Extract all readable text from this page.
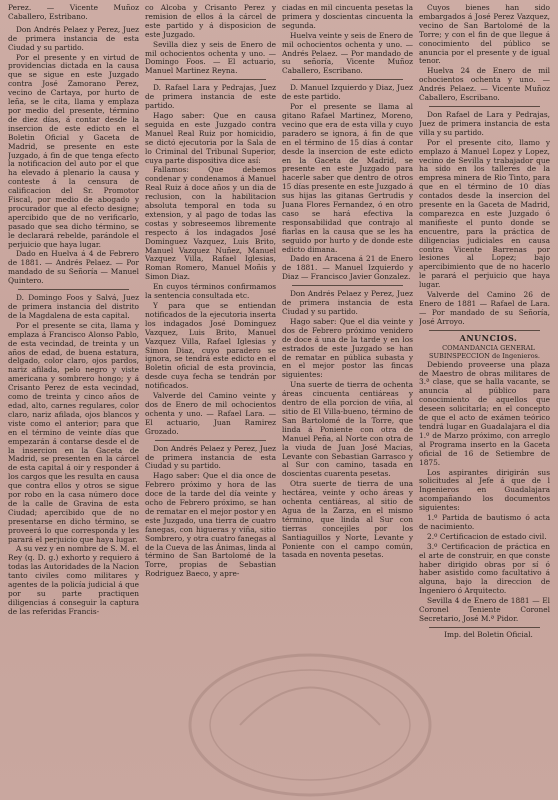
Perez. — Vicente Muñoz Caballero, Estribano.

Don Andrés Pelaez y Perez, Juez de primera instancia de esta Ciudad y su partido.

Por el presente y en virtud de providencias dictada en la causa que se sigue en este Juzgado contra José Zamorano Perez, vecino de Cartaya, por hurto de leña, se le cita, llama y emplaza por medio del presente, término de diez días, á contar desde la insercion de este edicto en el Boletin Oficial y Gaceta de Madrid, se presente en este Juzgado, á fin de que tenga efecto la notificacion del auto por el que ha elevado á plenario la causa y conteste á la censura de calificacion del Sr. Promotor Fiscal, por medio de abogado y procurador que al efecto designe; apercibido que de no verificarlo, pasado que sea dicho término, se le declarará rebelde, parándole el perjuicio que haya lugar.

Dado en Huelva á 4 de Febrero de 1881. — Andrés Pelaez. — Por mandado de su Señoría — Manuel Quintero.

D. Domingo Foos y Salvá, Juez de primera instancia del distrito de la Magdalena de esta capital.

Por el presente se cita, llama y emplaza á Francisco Alonso Pablo, de esta vecindad, de treinta y un años de edad, de buena estatura, delgado, color claro, ojos pardos, nariz afilada, pelo negro y viste americana y sombrero hongo; y á Crisanto Perez de esta vecindad, como de treinta y cinco años de edad, alto, carnes regulares, color claro, nariz afilada, ojos blancos y viste como el anterior; para que en el término de veinte días que empezarán á contarse desde el de la insercion en la Gaceta de Madrid, se presenten en la cárcel de esta capital á oir y responder á los cargos que les resulta en causa que contra ellos y otros se sigue por robo en la casa número doce de la calle de Gravina de esta Ciudad; apercibido que de no presentarse en dicho término, se proveerá lo que corresponda y les parará el perjuicio que haya lugar.

A su vez y en nombre de S. M. el Rey (q. D. g.) exhorto y requiero á todas las Autoridades de la Nacion tanto civiles como militares y agentes de la policía judicial á que por su parte practiquen diligencias á conseguir la captura de las referidas Francis-

co Alcoba y Crisanto Perez y remision de ellos á la cárcel de este partido y á disposicion de este Juzgado.

Sevilla diez y seis de Enero de mil ochocientos ochenta y uno. — Domingo Foos. — El actuario, Manuel Martinez Reyna.

D. Rafael Lara y Pedrajas, Juez de primera instancia de este partido.

Hago saber: Que en causa seguida en este Juzgado contra Manuel Real Ruiz por homicidio, se dictó ejecutoria por la Sala de lo Criminal del Tribunal Superior, cuya parte dispositiva dice así:

Fallamos: Que debemos condenar y condenamos á Manuel Real Ruiz á doce años y un dia de reclusion, con la habilitacion absoluta temporal en toda su extension, y al pago de todas las costas y sobreseemos libremente respecto á los indagados José Dominguez Vazquez, Luis Brito, Manuel Vazquez Nuñez, Manuel Vazquez Villa, Rafael Iglesias, Roman Romero, Manuel Moñis y Simon Diaz.

En cuyos términos confirmamos la sentencia consultada etc.

Y para que se entiendan notificados de la ejecutoria inserta los indagados José Dominguez Vazquez, Luis Brito, Manuel Vazquez Villa, Rafael Iglesias y Simon Diaz, cuyo paradero se ignora, se tendrá este edicto en el Boletin oficial de esta provincia, desde cuya fecha se tendrán por notificados.

Valverde del Camino veinte y dos de Enero de mil ochocientos ochenta y uno. — Rafael Lara. — El actuario, Juan Ramirez Grozado.

Don Andrés Pelaez y Perez, Juez de primera instancia de esta Ciudad y su partido.

Hago saber: Que el dia once de Febrero próximo y hora de las doce de la tarde del día veinte y ocho de Febrero próximo, se han de rematar en el mejor postor y en este Juzgado, una tierra de cuatro fanegas, con higueras y viña, sitio Sombrero, y otra cuatro fanegas al de la Cueva de las Ánimas, linda al término de San Bartolomé de la Torre, propias de Sebastian Rodriguez Baeco, y apre-

ciadas en mil cincuenta pesetas la primera y doscientas cincuenta la segunda.

Huelva veinte y seis de Enero de mil ochocientos ochenta y uno. — Andrés Pelaez. — Por mandado de su señoría, Vicente Muñoz Caballero, Escribano.

D. Manuel Izquierdo y Diaz, Juez de este partido.

Por el presente se llama al gitano Rafael Martinez, Moreno, vecino que era de esta villa y cuyo paradero se ignora, á fin de que en el término de 15 días á contar desde la insercion de este edicto en la Gaceta de Madrid, se presente en este Juzgado para hacerle saber que dentro de otros 15 días presente en este Juzgado á sus hijas las gitanas Gertrudis y Juana Flores Fernandez, ó en otro caso se hará efectiva la responsabilidad que contrajo al fiarlas en la causa que se les ha seguido por hurto y de donde este edicto dimana.

Dado en Aracena á 21 de Enero de 1881. — Manuel Izquierdo y Diaz — Francisco Javier Gonzalez.

Don Andrés Pelaez y Perez, Juez de primera instancia de esta Ciudad y su partido.

Hago saber: Que el dia veinte y dos de Febrero próximo venidero de doce á una de la tarde y en los estrados de este Juzgado se han de rematar en pública subasta y en el mejor postor las fincas siguientes:

Una suerte de tierra de ochenta áreas cincuenta centiáreas y dentro de ella porcion de viña, al sitio de El Villa-bueno, término de San Bartolomé de la Torre, que linda á Poniente con otra de Manuel Peña, al Norte con otra de la viuda de Juan José Macias, Levante con Sebastian Garrasco y al Sur con camino, tasada en doscientas cuarenta pesetas.

Otra suerte de tierra de una hectárea, veinte y ocho áreas y ochenta centiáreas, al sitio de Agua de la Zarza, en el mismo término, que linda al Sur con tierras concejiles por los Santiaguillos y Norte, Levante y Poniente con el campo común, tasada en noventa pesetas.

Cuyos bienes han sido embargados á José Perez Vazquez, vecino de San Bartolomé de la Torre; y con el fin de que llegue á conocimiento del público se anuncia por el presente y de igual tenor.

Huelva 24 de Enero de mil ochocientos ochenta y uno. — Andrés Pelaez. — Vicente Muñoz Caballero, Escribano.

Don Rafael de Lara y Pedrajas, Juez de primera instancia de esta villa y su partido.

Por el presente cito, llamo y emplazo á Manuel Lopez y Lopez, vecino de Sevilla y trabajador que ha sido en los talleres de la empresa minera de Rio Tinto, para que en el término de 10 días contados desde la insercion del presente en la Gaceta de Madrid, comparezca en este Juzgado ó manifieste el punto donde se encuentre, para la práctica de diligencias judiciales en causa contra Vicente Barrenas por lesiones al Lopez; bajo apercibimiento que de no hacerlo le parará el perjuicio que haya lugar.

Valverde del Camino 26 de Enero de 1881 — Rafael de Lara. — Por mandado de su Señoría, José Arroyo.

ANUNCIOS.

COMANDANCIA GENERAL SUBINSPECCION de Ingenieros.

Debiendo proveerse una plaza de Maestro de obras militares de 3.ª clase, que se halla vacante, se anuncia al público para conocimiento de aquellos que deseen solicitarla; en el concepto de que el acto de exámen teórico tendrá lugar en Guadalajara el dia 1.º de Marzo próximo, con arreglo al Programa inserto en la Gaceta oficial de 16 de Setiembre de 1875.

Los aspirantes dirigirán sus solicitudes al Jefe á que de l Ingenieros en Guadalajara acompañando los documentos siguientes:

1.º Partida de bautismo ó acta de nacimiento.

2.º Certificacion de estado civil.

3.º Certificacion de práctica en el arte de construir, en que conste haber dirigido obras por sí ó haber asistido como facultativo á alguna, bajo la direccion de Ingeniero ó Arquitecto.

Sevilla 4 de Enero de 1881 — El Coronel Teniente Coronel Secretario, José M.ª Pidor.

Imp. del Boletin Oficial.
